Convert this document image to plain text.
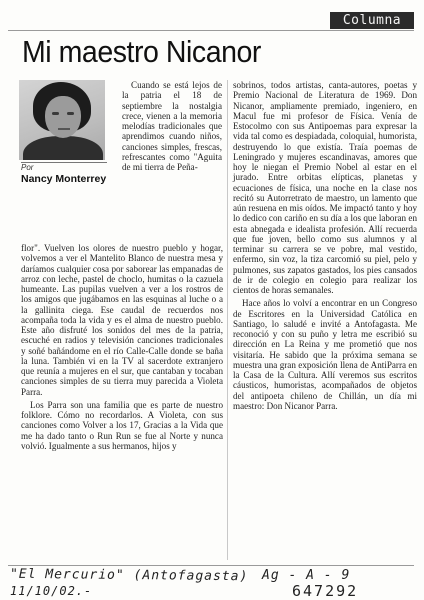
Columna
Mi maestro Nicanor
Por
Nancy Monterrey

Cuando se está lejos de la patria el 18 de septiembre la nostalgia crece, vienen a la memoria melodías tradicionales que aprendimos cuando niños, canciones simples, frescas, refrescantes como "Aguita de mi tierra de Peña-

flor". Vuelven los olores de nuestro pueblo y hogar, volvemos a ver el Mantelito Blanco de nuestra mesa y daríamos cualquier cosa por saborear las empanadas de arroz con leche, pastel de choclo, humitas o la cazuela humeante. Las pupilas vuelven a ver a los rostros de los amigos que jugábamos en las esquinas al luche o a la gallinita ciega. Ese caudal de recuerdos nos acompaña toda la vida y es el alma de nuestro pueblo. Este año disfruté los sonidos del mes de la patria, escuché en radios y televisión canciones tradicionales y soñé bañándome en el río Calle-Calle donde se baña la luna. También vi en la TV al sacerdote extranjero que reunía a mujeres en el sur, que cantaban y tocaban canciones simples de su tierra muy parecida a Violeta Parra.

Los Parra son una familia que es parte de nuestro folklore. Cómo no recordarlos. A Violeta, con sus canciones como Volver a los 17, Gracias a la Vida que me ha dado tanto o Run Run se fue al Norte y nunca volvió. Igualmente a sus hermanos, hijos y

sobrinos, todos artistas, canta-autores, poetas y Premio Nacional de Literatura de 1969. Don Nicanor, ampliamente premiado, ingeniero, en Macul fue mi profesor de Física. Venía de Estocolmo con sus Antipoemas para expresar la vida tal como es despiadada, coloquial, humorista, destruyendo lo que existía. Traía poemas de Leningrado y mujeres escandinavas, amores que hoy le niegan el Premio Nobel al estar en el jurado. Entre orbitas elípticas, planetas y ecuaciones de física, una noche en la clase nos recitó su Autorretrato de maestro, un lamento que aún resuena en mis oídos. Me impactó tanto y hoy lo dedico con cariño en su día a los que laboran en esta abnegada e idealista profesión. Allí recuerda que fue joven, bello como sus alumnos y al terminar su carrera se ve pobre, mal vestido, enfermo, sin voz, la tiza carcomió su piel, pelo y pulmones, sus zapatos gastados, los pies cansados de ir de colegio en colegio para realizar los cientos de horas semanales.

Hace años lo volví a encontrar en un Congreso de Escritores en la Universidad Católica en Santiago, lo saludé e invité a Antofagasta. Me reconoció y con su puño y letra me escribió su dirección en La Reina y me prometió que nos visitaría. He sabido que la próxima semana se muestra una gran exposición llena de AntiParra en la Casa de la Cultura. Allí veremos sus escritos cáusticos, humoristas, acompañados de objetos del antipoeta chileno de Chillán, un día mi maestro: Don Nicanor Parra.

"El Mercurio" (Antofagasta) Ag - A - 9
11/10/02.-	647292
